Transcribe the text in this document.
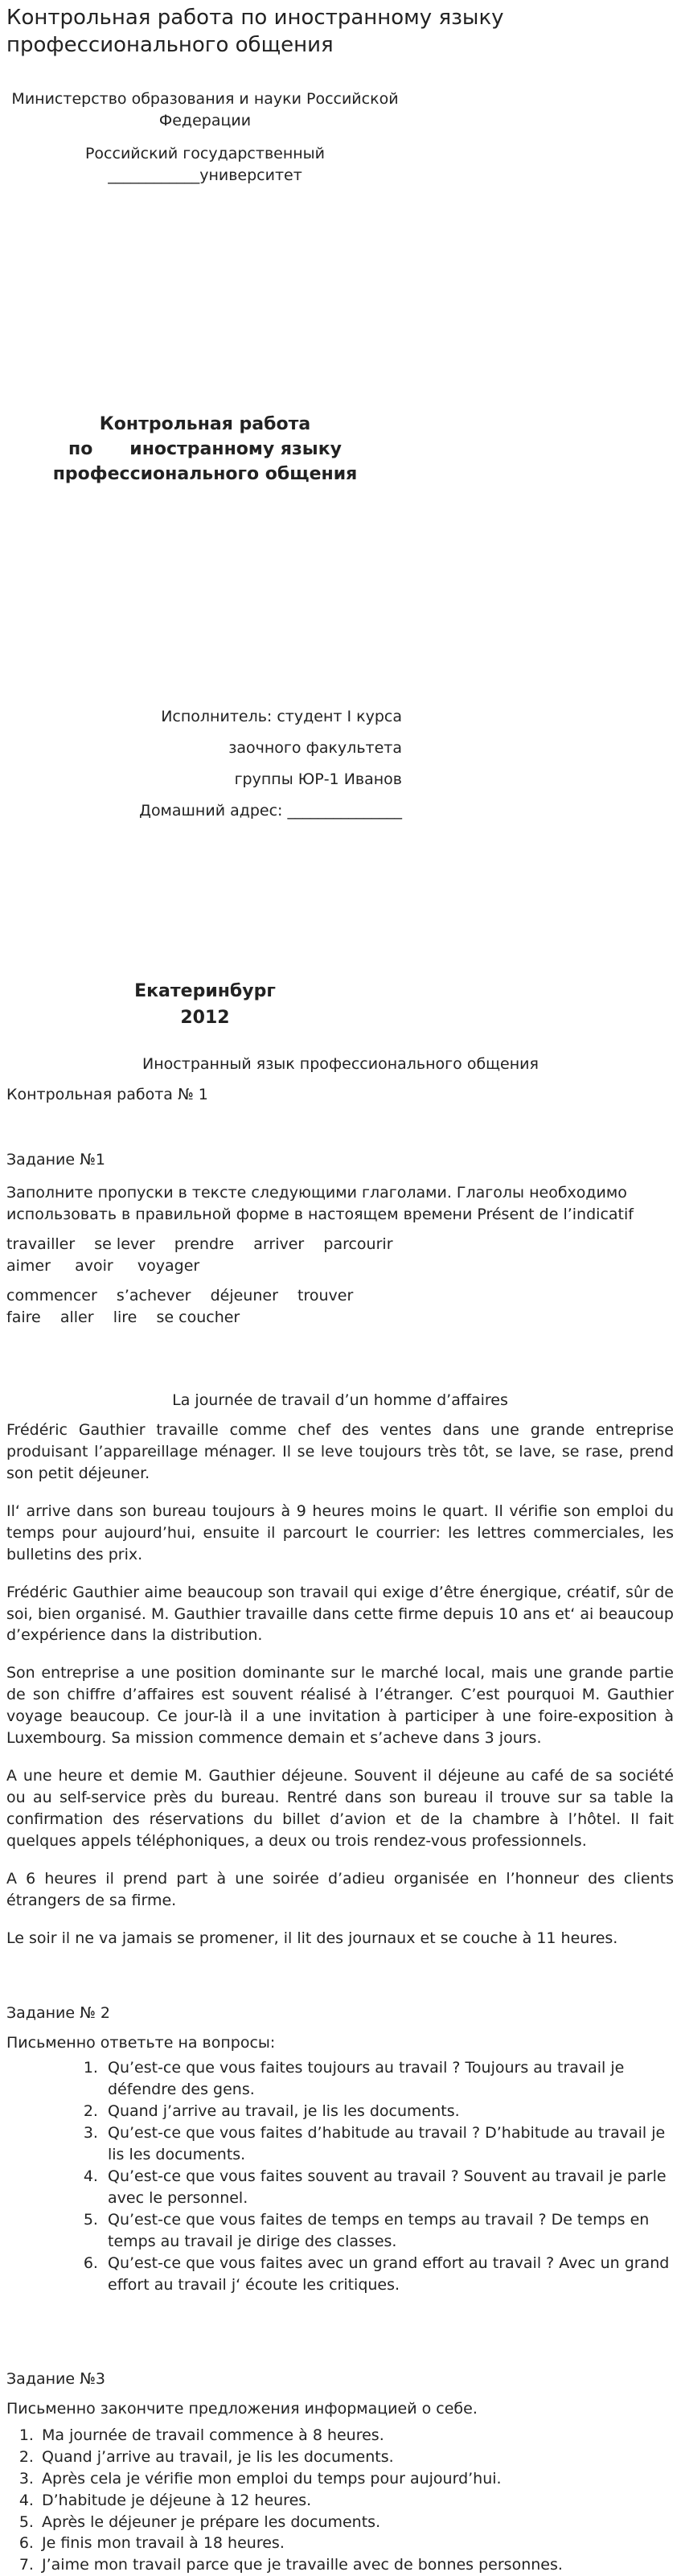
Контрольная работа по иностранному языку профессионального общения
Министерство образования и науки Российской
Федерации
Российский государственный
____________университет
Контрольная работа
по      иностранному языку
профессионального общения
Исполнитель: студент I курса
заочного факультета
группы ЮР-1 Иванов
Домашний адрес: _______________
Екатеринбург
2012
Иностранный язык профессионального общения

Контрольная работа № 1

Задание №1

Заполните пропуски в тексте следующими глаголами. Глаголы необходимо использовать в правильной форме в настоящем времени Présent de l’indicatif

travailler    se lever    prendre    arriver    parcourir
aimer     avoir     voyager
commencer    s’achever    déjeuner    trouver
faire    aller    lire    se coucher

La journée de travail d’un homme d’affaires

Frédéric Gauthier travaille comme chef des ventes dans une grande entreprise produisant l’appareillage ménager. Il se leve toujours très tôt, se lave, se rase, prend son petit déjeuner.

Il‘ arrive dans son bureau toujours à 9 heures moins le quart. Il vérifie son emploi du temps pour aujourd’hui, ensuite il parcourt le courrier: les lettres commerciales, les bulletins des prix.

Frédéric Gauthier aime beaucoup son travail qui exige d’être énergique, créatif, sûr de soi, bien organisé. M. Gauthier travaille dans cette firme depuis 10 ans et‘ ai beaucoup d’expérience dans la distribution.

Son entreprise a une position dominante sur le marché local, mais une grande partie de son chiffre d’affaires est souvent réalisé à l’étranger. C’est pourquoi M. Gauthier voyage beaucoup. Ce jour-là il a une invitation à participer à une foire-exposition à Luxembourg. Sa mission commence demain et s’acheve dans 3 jours.

A une heure et demie M. Gauthier déjeune. Souvent il déjeune au café de sa société ou au self-service près du bureau. Rentré dans son bureau il trouve sur sa table la confirmation des réservations du billet d’avion et de la chambre à l’hôtel. Il fait quelques appels téléphoniques, a deux ou trois rendez-vous professionnels.

A 6 heures il prend part à une soirée d’adieu organisée en l’honneur des clients étrangers de sa firme.

Le soir il ne va jamais se promener, il lit des journaux et se couche à 11 heures.

Задание № 2

Письменно ответьте на вопросы:

1. Qu’est-ce que vous faites toujours au travail ? Toujours au travail je défendre des gens.
2. Quand j’arrive au travail, je lis les documents.
3. Qu’est-ce que vous faites d’habitude au travail ? D’habitude au travail je lis les documents.
4. Qu’est-ce que vous faites souvent au travail ? Souvent au travail je parle avec le personnel.
5. Qu’est-ce que vous faites de temps en temps au travail ? De temps en temps au travail je dirige des classes.
6. Qu’est-ce que vous faites avec un grand effort au travail ? Avec un grand effort au travail j‘ écoute les critiques.

Задание №3

Письменно закончите предложения информацией о себе.

1. Ma journée de travail commence à 8 heures.
2. Quand j’arrive au travail, je lis les documents.
3. Après cela je vérifie mon emploi du temps pour aujourd’hui.
4. D’habitude je déjeune à 12 heures.
5. Après le déjeuner je prépare les documents.
6. Je finis mon travail à 18 heures.
7. J’aime mon travail parce que je travaille avec de bonnes personnes.
